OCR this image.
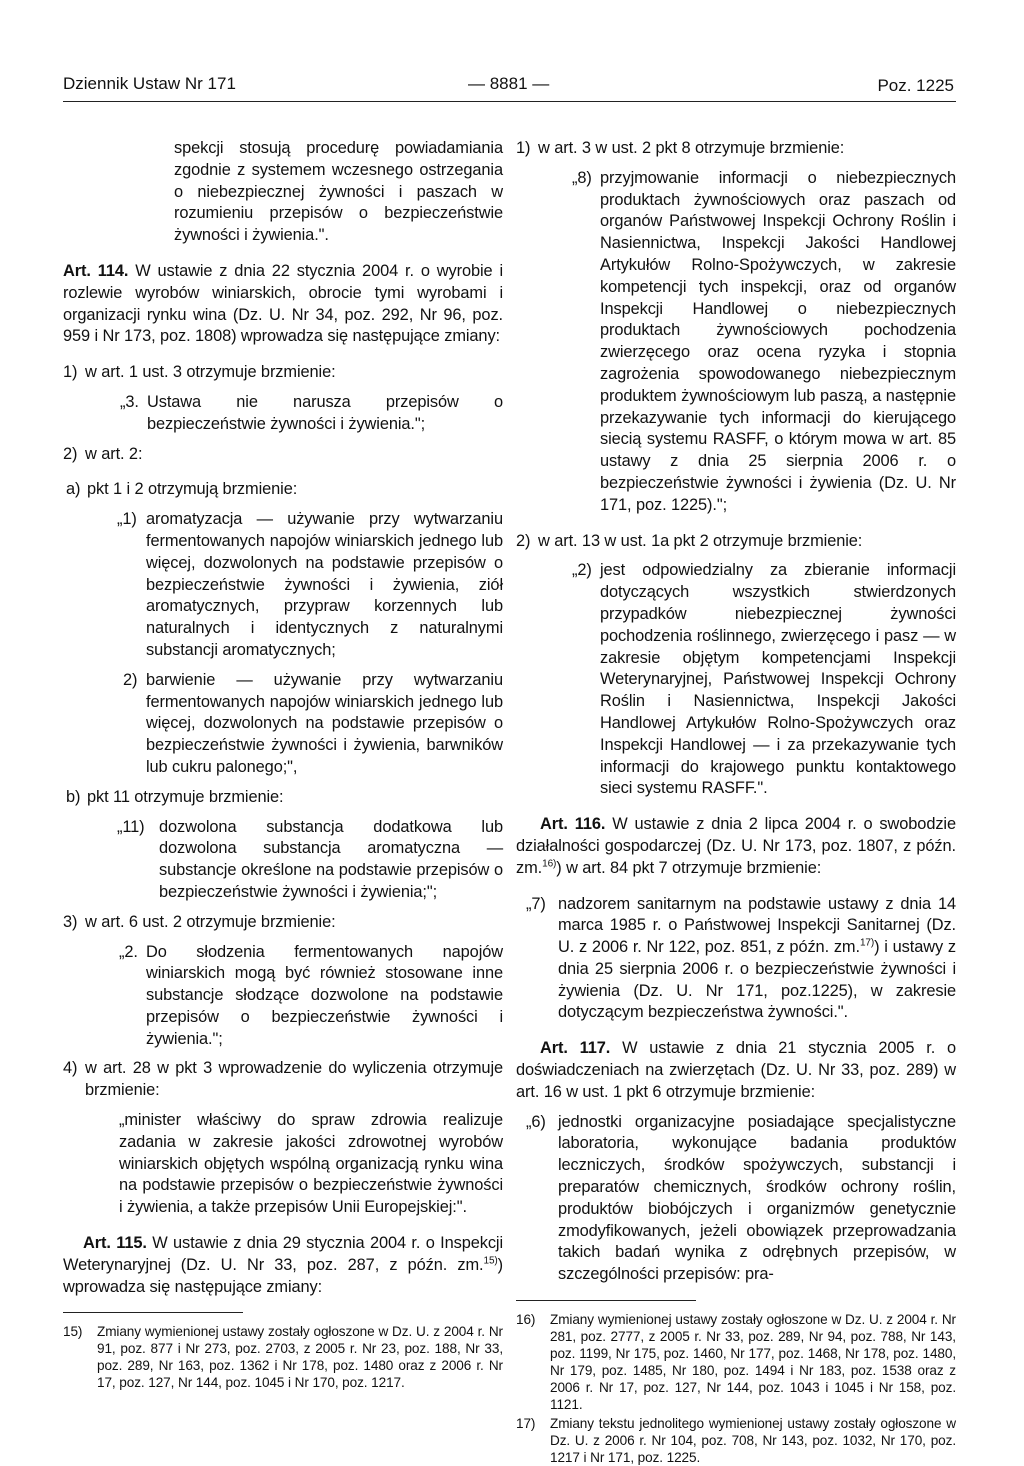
Dziennik Ustaw Nr 171	— 8881 —	Poz. 1225

spekcji stosują procedurę powiadamiania zgodnie z systemem wczesnego ostrzegania o niebezpiecznej żywności i paszach w rozumieniu przepisów o bezpieczeństwie żywności i żywienia.".

Art. 114. W ustawie z dnia 22 stycznia 2004 r. o wyrobie i rozlewie wyrobów winiarskich, obrocie tymi wyrobami i organizacji rynku wina (Dz. U. Nr 34, poz. 292, Nr 96, poz. 959 i Nr 173, poz. 1808) wprowadza się następujące zmiany:

1) w art. 1 ust. 3 otrzymuje brzmienie:
„3. Ustawa nie narusza przepisów o bezpieczeństwie żywności i żywienia.";
2) w art. 2:
a) pkt 1 i 2 otrzymują brzmienie:
„1) aromatyzacja — używanie przy wytwarzaniu fermentowanych napojów winiarskich jednego lub więcej, dozwolonych na podstawie przepisów o bezpieczeństwie żywności i żywienia, ziół aromatycznych, przypraw korzennych lub naturalnych i identycznych z naturalnymi substancji aromatycznych;
2) barwienie — używanie przy wytwarzaniu fermentowanych napojów winiarskich jednego lub więcej, dozwolonych na podstawie przepisów o bezpieczeństwie żywności i żywienia, barwników lub cukru palonego;",
b) pkt 11 otrzymuje brzmienie:
„11) dozwolona substancja dodatkowa lub dozwolona substancja aromatyczna — substancje określone na podstawie przepisów o bezpieczeństwie żywności i żywienia;";
3) w art. 6 ust. 2 otrzymuje brzmienie:
„2. Do słodzenia fermentowanych napojów winiarskich mogą być również stosowane inne substancje słodzące dozwolone na podstawie przepisów o bezpieczeństwie żywności i żywienia.";
4) w art. 28 w pkt 3 wprowadzenie do wyliczenia otrzymuje brzmienie:

„minister właściwy do spraw zdrowia realizuje zadania w zakresie jakości zdrowotnej wyrobów winiarskich objętych wspólną organizacją rynku wina na podstawie przepisów o bezpieczeństwie żywności i żywienia, a także przepisów Unii Europejskiej:".

Art. 115. W ustawie z dnia 29 stycznia 2004 r. o Inspekcji Weterynaryjnej (Dz. U. Nr 33, poz. 287, z późn. zm.$^{15)}$) wprowadza się następujące zmiany:

15) Zmiany wymienionej ustawy zostały ogłoszone w Dz. U. z 2004 r. Nr 91, poz. 877 i Nr 273, poz. 2703, z 2005 r. Nr 23, poz. 188, Nr 33, poz. 289, Nr 163, poz. 1362 i Nr 178, poz. 1480 oraz z 2006 r. Nr 17, poz. 127, Nr 144, poz. 1045 i Nr 170, poz. 1217.
1) w art. 3 w ust. 2 pkt 8 otrzymuje brzmienie:
„8) przyjmowanie informacji o niebezpiecznych produktach żywnościowych oraz paszach od organów Państwowej Inspekcji Ochrony Roślin i Nasiennictwa, Inspekcji Jakości Handlowej Artykułów Rolno-Spożywczych, w zakresie kompetencji tych inspekcji, oraz od organów Inspekcji Handlowej o niebezpiecznych produktach żywnościowych pochodzenia zwierzęcego oraz ocena ryzyka i stopnia zagrożenia spowodowanego niebezpiecznym produktem żywnościowym lub paszą, a następnie przekazywanie tych informacji do kierującego siecią systemu RASFF, o którym mowa w art. 85 ustawy z dnia 25 sierpnia 2006 r. o bezpieczeństwie żywności i żywienia (Dz. U. Nr 171, poz. 1225).";
2) w art. 13 w ust. 1a pkt 2 otrzymuje brzmienie:
„2) jest odpowiedzialny za zbieranie informacji dotyczących wszystkich stwierdzonych przypadków niebezpiecznej żywności pochodzenia roślinnego, zwierzęcego i pasz — w zakresie objętym kompetencjami Inspekcji Weterynaryjnej, Państwowej Inspekcji Ochrony Roślin i Nasiennictwa, Inspekcji Jakości Handlowej Artykułów Rolno-Spożywczych oraz Inspekcji Handlowej — i za przekazywanie tych informacji do krajowego punktu kontaktowego sieci systemu RASFF.".

Art. 116. W ustawie z dnia 2 lipca 2004 r. o swobodzie działalności gospodarczej (Dz. U. Nr 173, poz. 1807, z późn. zm.$^{16)}$) w art. 84 pkt 7 otrzymuje brzmienie:

„7) nadzorem sanitarnym na podstawie ustawy z dnia 14 marca 1985 r. o Państwowej Inspekcji Sanitarnej (Dz. U. z 2006 r. Nr 122, poz. 851, z późn. zm.$^{17)}$) i ustawy z dnia 25 sierpnia 2006 r. o bezpieczeństwie żywności i żywienia (Dz. U. Nr 171, poz.1225), w zakresie dotyczącym bezpieczeństwa żywności.".

Art. 117. W ustawie z dnia 21 stycznia 2005 r. o doświadczeniach na zwierzętach (Dz. U. Nr 33, poz. 289) w art. 16 w ust. 1 pkt 6 otrzymuje brzmienie:

„6) jednostki organizacyjne posiadające specjalistyczne laboratoria, wykonujące badania produktów leczniczych, środków spożywczych, substancji i preparatów chemicznych, środków ochrony roślin, produktów biobójczych i organizmów genetycznie zmodyfikowanych, jeżeli obowiązek przeprowadzania takich badań wynika z odrębnych przepisów, w szczególności przepisów: pra-
16) Zmiany wymienionej ustawy zostały ogłoszone w Dz. U. z 2004 r. Nr 281, poz. 2777, z 2005 r. Nr 33, poz. 289, Nr 94, poz. 788, Nr 143, poz. 1199, Nr 175, poz. 1460, Nr 177, poz. 1468, Nr 178, poz. 1480, Nr 179, poz. 1485, Nr 180, poz. 1494 i Nr 183, poz. 1538 oraz z 2006 r. Nr 17, poz. 127, Nr 144, poz. 1043 i 1045 i Nr 158, poz. 1121.
17) Zmiany tekstu jednolitego wymienionej ustawy zostały ogłoszone w Dz. U. z 2006 r. Nr 104, poz. 708, Nr 143, poz. 1032, Nr 170, poz. 1217 i Nr 171, poz. 1225.
